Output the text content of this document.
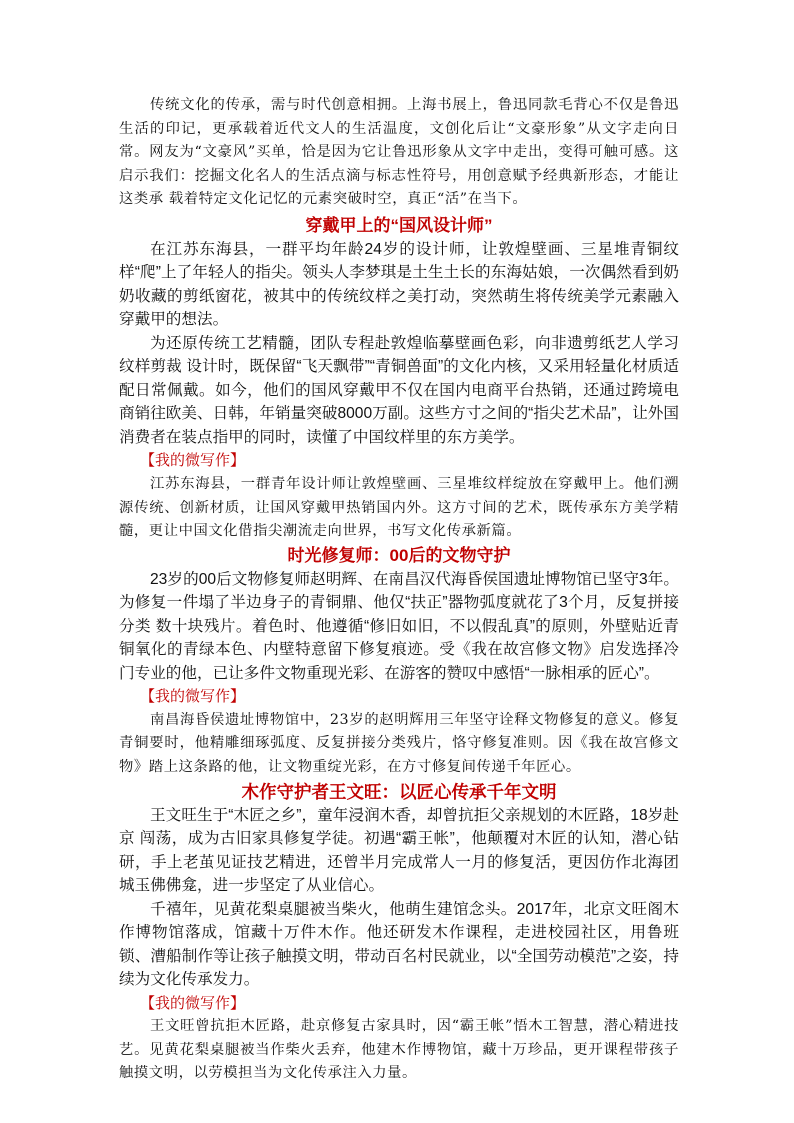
传统文化的传承，需与时代创意相拥。上海书展上，鲁迅同款毛背心不仅是鲁迅生活的印记，更承载着近代文人的生活温度，文创化后让“文豪形象”从文字走向日常。网友为“文豪风”买单，恰是因为它让鲁迅形象从文字中走出，变得可触可感。这启示我们：挖掘文化名人的生活点滴与标志性符号，用创意赋予经典新形态，才能让这类承 载着特定文化记忆的元素突破时空，真正“活”在当下。

穿戴甲上的“国风设计师”

在江苏东海县，一群平均年龄24岁的设计师，让敦煌壁画、三星堆青铜纹样“爬”上了年轻人的指尖。领头人李梦琪是土生土长的东海姑娘，一次偶然看到奶奶收藏的剪纸窗花，被其中的传统纹样之美打动，突然萌生将传统美学元素融入穿戴甲的想法。

为还原传统工艺精髓，团队专程赴敦煌临摹壁画色彩，向非遗剪纸艺人学习纹样剪裁 设计时，既保留“飞天飘带”“青铜兽面”的文化内核，又采用轻量化材质适配日常佩戴。如今，他们的国风穿戴甲不仅在国内电商平台热销，还通过跨境电商销往欧美、日韩，年销量突破8000万副。这些方寸之间的“指尖艺术品”，让外国消费者在装点指甲的同时，读懂了中国纹样里的东方美学。

【我的微写作】

江苏东海县，一群青年设计师让敦煌壁画、三星堆纹样绽放在穿戴甲上。他们溯源传统、创新材质，让国风穿戴甲热销国内外。这方寸间的艺术，既传承东方美学精髓，更让中国文化借指尖潮流走向世界，书写文化传承新篇。

时光修复师：00后的文物守护

23岁的00后文物修复师赵明辉、在南昌汉代海昏侯国遗址博物馆已坚守3年。为修复一件塌了半边身子的青铜鼎、他仅“扶正”器物弧度就花了3个月，反复拼接分类 数十块残片。着色时、他遵循“修旧如旧，不以假乱真”的原则，外壁贴近青铜氧化的青绿本色、内壁特意留下修复痕迹。受《我在故宫修文物》启发选择冷门专业的他，已让多件文物重现光彩、在游客的赞叹中感悟“一脉相承的匠心”。

【我的微写作】

南昌海昏侯遗址博物馆中，23岁的赵明辉用三年坚守诠释文物修复的意义。修复青铜要时，他精雕细琢弧度、反复拼接分类残片，恪守修复准则。因《我在故宫修文物》踏上这条路的他，让文物重绽光彩，在方寸修复间传递千年匠心。

木作守护者王文旺：以匠心传承千年文明

王文旺生于“木匠之乡”，童年浸润木香，却曾抗拒父亲规划的木匠路，18岁赴京 闯荡，成为古旧家具修复学徒。初遇“霸王帐”，他颠覆对木匠的认知，潜心钻研，手上老茧见证技艺精进，还曾半月完成常人一月的修复活，更因仿作北海团城玉佛佛龛，进一步坚定了从业信心。

千禧年，见黄花梨桌腿被当柴火，他萌生建馆念头。2017年，北京文旺阁木作博物馆落成，馆藏十万件木作。他还研发木作课程，走进校园社区，用鲁班锁、漕船制作等让孩子触摸文明，带动百名村民就业，以“全国劳动模范”之姿，持续为文化传承发力。

【我的微写作】

王文旺曾抗拒木匠路，赴京修复古家具时，因“霸王帐”悟木工智慧，潜心精进技艺。见黄花梨桌腿被当作柴火丢弃，他建木作博物馆，藏十万珍品，更开课程带孩子触摸文明，以劳模担当为文化传承注入力量。
